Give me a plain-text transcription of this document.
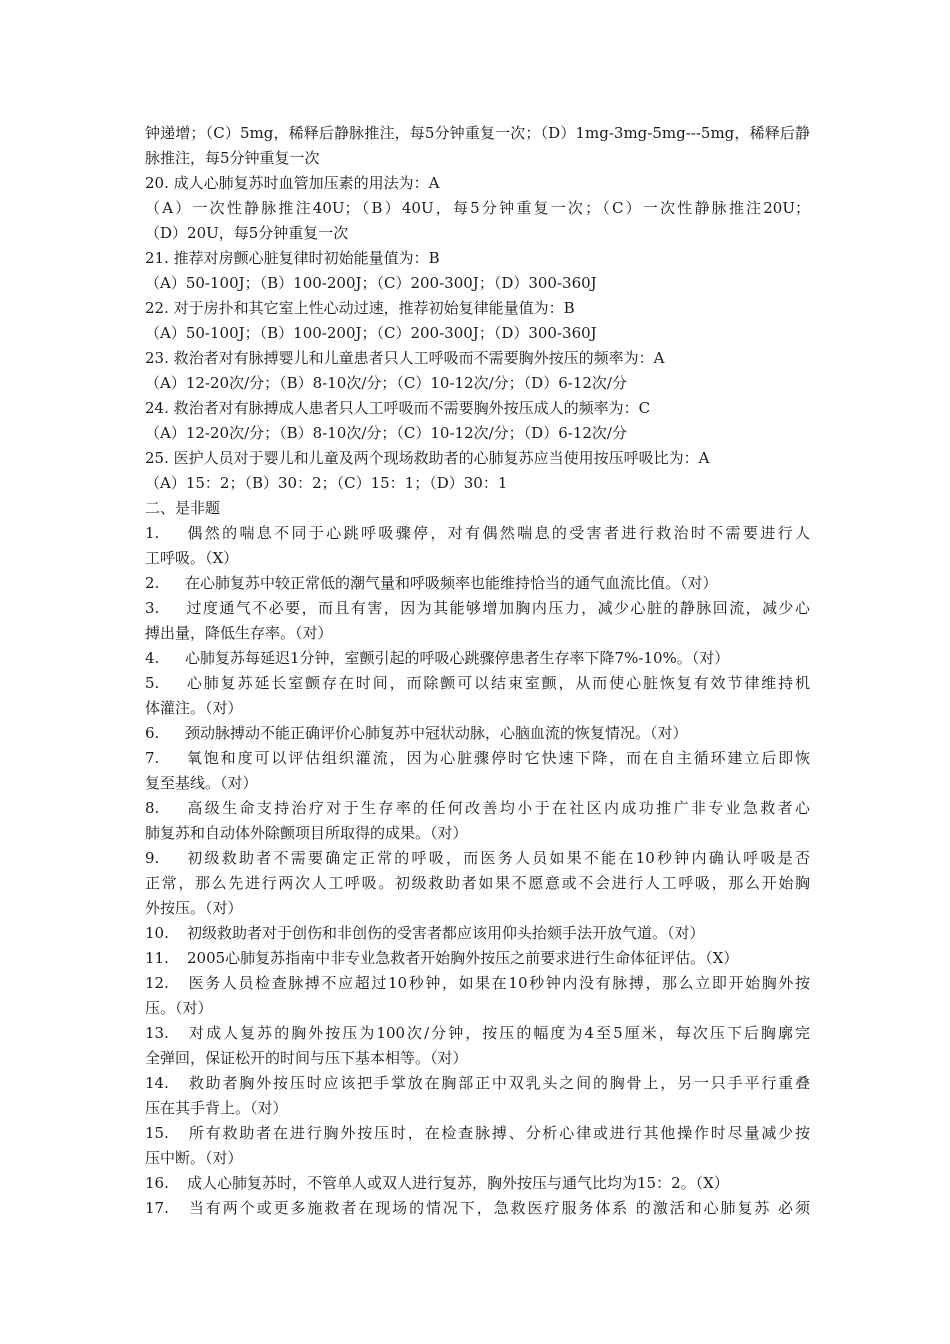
钟递增；（C）5mg，稀释后静脉推注，每5分钟重复一次；（D）1mg-3mg-5mg---5mg，稀释后静
脉推注，每5分钟重复一次
20. 成人心肺复苏时血管加压素的用法为：A
（A）一次性静脉推注40U；（B）40U，每5分钟重复一次；（C）一次性静脉推注20U；
（D）20U，每5分钟重复一次
21. 推荐对房颤心脏复律时初始能量值为：B
（A）50-100J；（B）100-200J；（C）200-300J；（D）300-360J
22. 对于房扑和其它室上性心动过速，推荐初始复律能量值为：B
（A）50-100J；（B）100-200J；（C）200-300J；（D）300-360J
23. 救治者对有脉搏婴儿和儿童患者只人工呼吸而不需要胸外按压的频率为：A
（A）12-20次/分；（B）8-10次/分；（C）10-12次/分；（D）6-12次/分
24. 救治者对有脉搏成人患者只人工呼吸而不需要胸外按压成人的频率为：C
（A）12-20次/分；（B）8-10次/分；（C）10-12次/分；（D）6-12次/分
25. 医护人员对于婴儿和儿童及两个现场救助者的心肺复苏应当使用按压呼吸比为：A
（A）15：2；（B）30：2；（C）15：1；（D）30：1
二、是非题
1. 偶然的喘息不同于心跳呼吸骤停，对有偶然喘息的受害者进行救治时不需要进行人
工呼吸。（X）
2. 在心肺复苏中较正常低的潮气量和呼吸频率也能维持恰当的通气血流比值。（对）
3. 过度通气不必要，而且有害，因为其能够增加胸内压力，减少心脏的静脉回流，减少心
搏出量，降低生存率。（对）
4. 心肺复苏每延迟1分钟，室颤引起的呼吸心跳骤停患者生存率下降7%-10%。（对）
5. 心肺复苏延长室颤存在时间，而除颤可以结束室颤，从而使心脏恢复有效节律维持机
体灌注。（对）
6. 颈动脉搏动不能正确评价心肺复苏中冠状动脉，心脑血流的恢复情况。（对）
7. 氧饱和度可以评估组织灌流，因为心脏骤停时它快速下降，而在自主循环建立后即恢
复至基线。（对）
8. 高级生命支持治疗对于生存率的任何改善均小于在社区内成功推广非专业急救者心
肺复苏和自动体外除颤项目所取得的成果。（对）
9. 初级救助者不需要确定正常的呼吸，而医务人员如果不能在10秒钟内确认呼吸是否
正常，那么先进行两次人工呼吸。初级救助者如果不愿意或不会进行人工呼吸，那么开始胸
外按压。（对）
10. 初级救助者对于创伤和非创伤的受害者都应该用仰头抬颏手法开放气道。（对）
11. 2005心肺复苏指南中非专业急救者开始胸外按压之前要求进行生命体征评估。（X）
12. 医务人员检查脉搏不应超过10秒钟，如果在10秒钟内没有脉搏，那么立即开始胸外按
压。（对）
13. 对成人复苏的胸外按压为100次/分钟，按压的幅度为4至5厘米，每次压下后胸廓完
全弹回，保证松开的时间与压下基本相等。（对）
14. 救助者胸外按压时应该把手掌放在胸部正中双乳头之间的胸骨上，另一只手平行重叠
压在其手背上。（对）
15. 所有救助者在进行胸外按压时，在检查脉搏、分析心律或进行其他操作时尽量减少按
压中断。（对）
16. 成人心肺复苏时，不管单人或双人进行复苏，胸外按压与通气比均为15：2。（X）
17. 当有两个或更多施救者在现场的情况下，急救医疗服务体系 的激活和心肺复苏 必须
